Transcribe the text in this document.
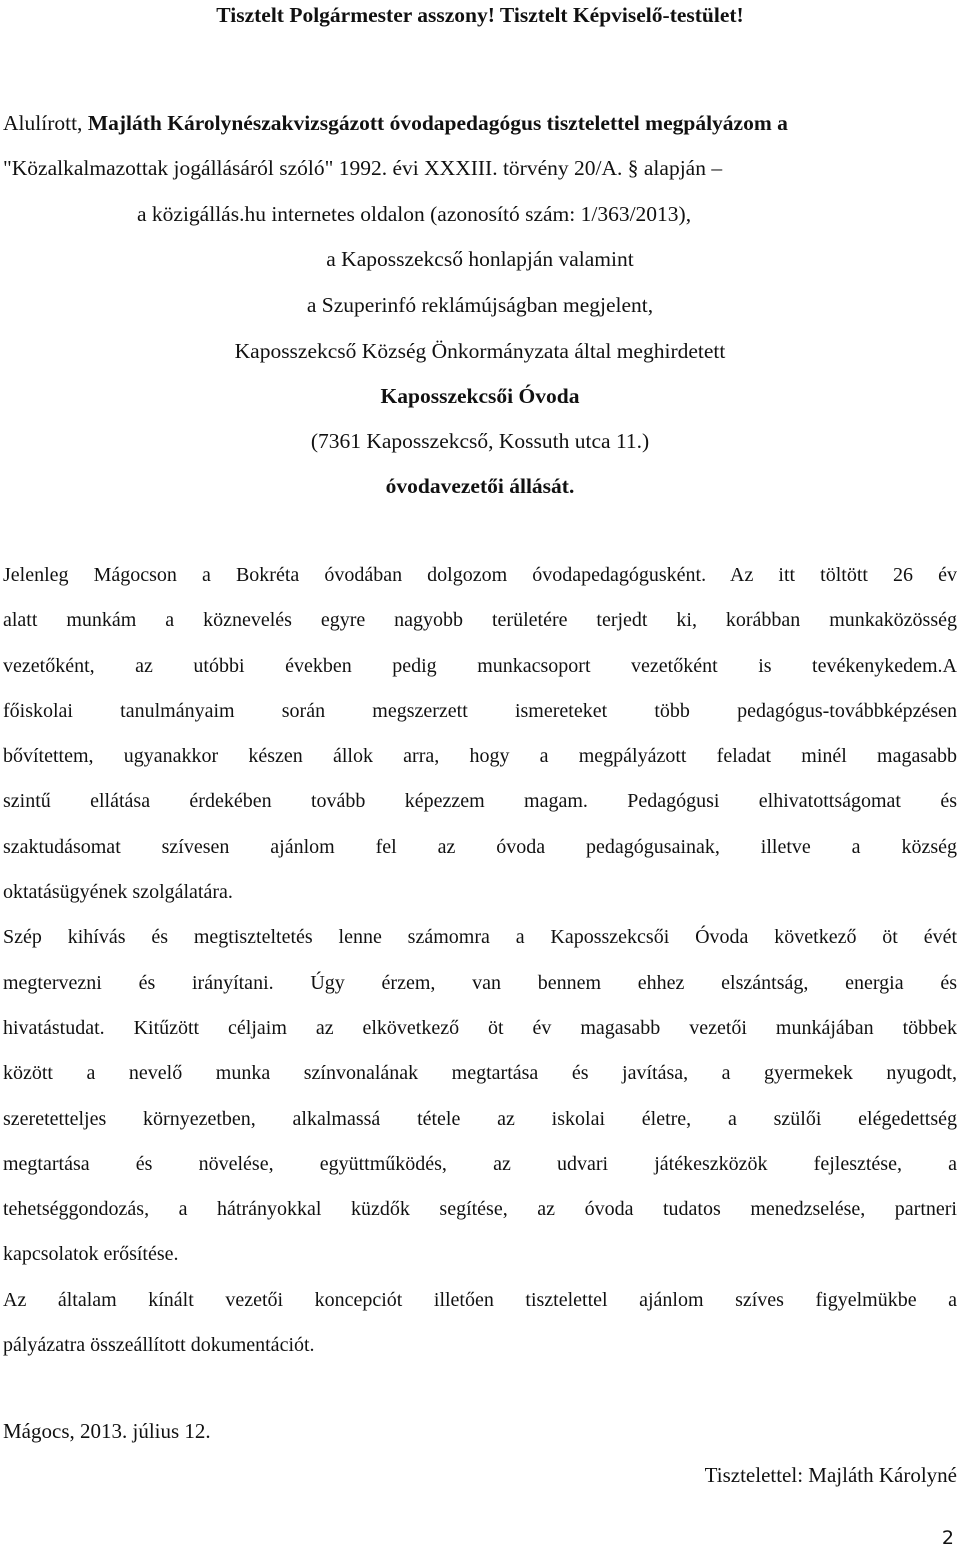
Tisztelt Polgármester asszony! Tisztelt Képviselő-testület!
Alulírott, Majláth Károlynészakvizsgázott óvodapedagógus tisztelettel megpályázom a
"Közalkalmazottak jogállásáról szóló" 1992. évi XXXIII. törvény 20/A. § alapján –
a közigállás.hu internetes oldalon (azonosító szám: 1/363/2013),
a Kaposszekcső honlapján valamint
a Szuperinfó reklámújságban megjelent,
Kaposszekcső Község Önkormányzata által meghirdetett
Kaposszekcsői Óvoda
(7361 Kaposszekcső, Kossuth utca 11.)
óvodavezetői állását.

Jelenleg Mágocson a Bokréta óvodában dolgozom óvodapedagógusként. Az itt töltött 26 év
alatt munkám a köznevelés egyre nagyobb területére terjedt ki, korábban munkaközösség
vezetőként, az utóbbi években pedig munkacsoport vezetőként is tevékenykedem.A
főiskolai tanulmányaim során megszerzett ismereteket több pedagógus-továbbképzésen
bővítettem, ugyanakkor készen állok arra, hogy a megpályázott feladat minél magasabb
szintű ellátása érdekében tovább képezzem magam. Pedagógusi elhivatottságomat és
szaktudásomat szívesen ajánlom fel az óvoda pedagógusainak, illetve a község
oktatásügyének szolgálatára.

Szép kihívás és megtiszteltetés lenne számomra a Kaposszekcsői Óvoda következő öt évét
megtervezni és irányítani. Úgy érzem, van bennem ehhez elszántság, energia és
hivatástudat. Kitűzött céljaim az elkövetkező öt év magasabb vezetői munkájában többek
között a nevelő munka színvonalának megtartása és javítása, a gyermekek nyugodt,
szeretetteljes környezetben, alkalmassá tétele az iskolai életre, a szülői elégedettség
megtartása és növelése, együttműködés, az udvari játékeszközök fejlesztése, a
tehetséggondozás, a hátrányokkal küzdők segítése, az óvoda tudatos menedzselése, partneri
kapcsolatok erősítése.

Az általam kínált vezetői koncepciót illetően tisztelettel ajánlom szíves figyelmükbe a
pályázatra összeállított dokumentációt.

Mágocs, 2013. július 12.
Tisztelettel: Majláth Károlyné
2
